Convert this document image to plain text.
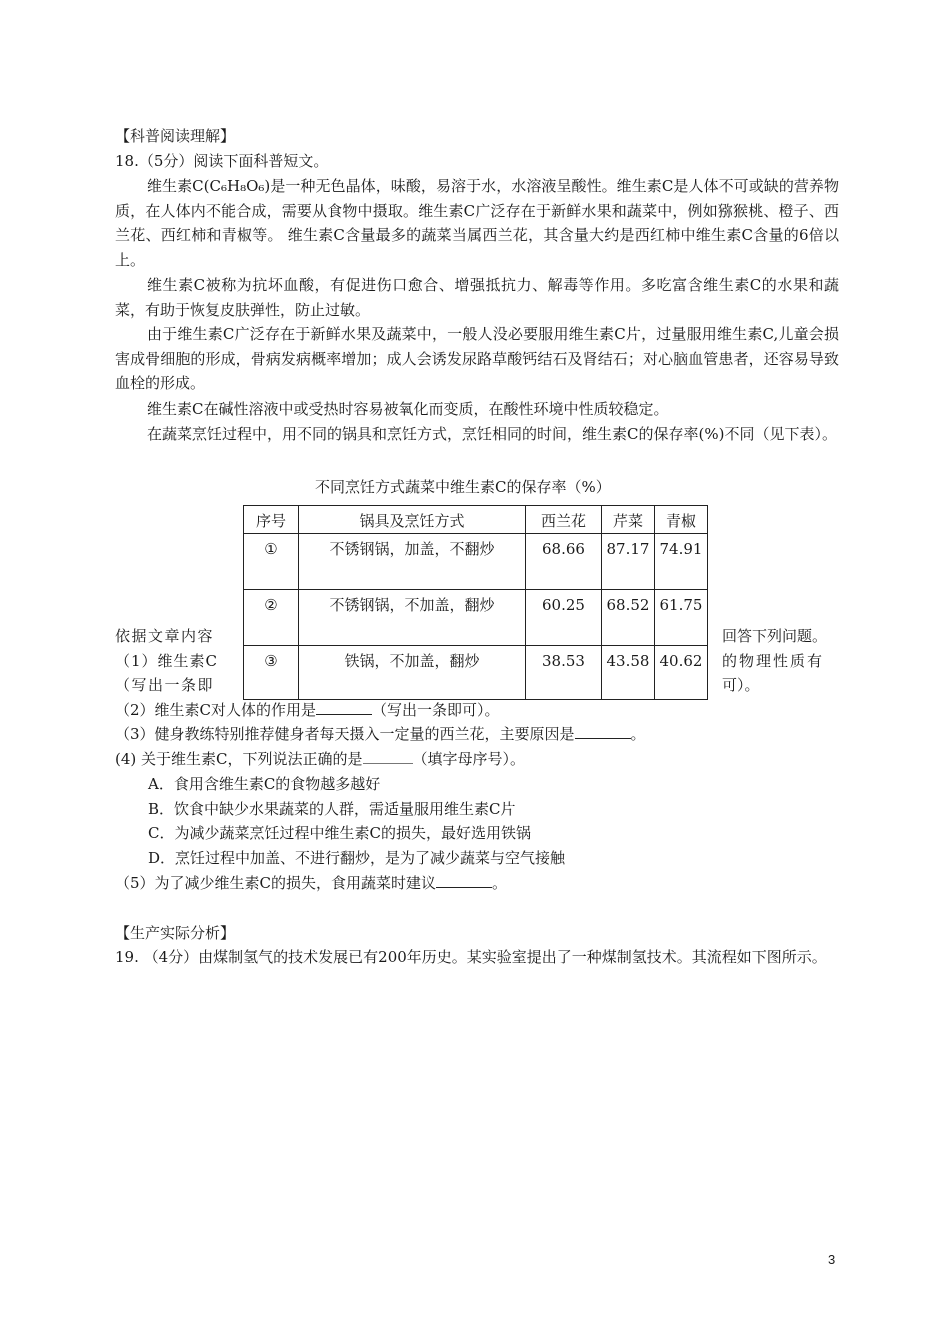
【科普阅读理解】
18.（5分）阅读下面科普短文。
维生素C(C₆H₈O₆)是一种无色晶体，味酸，易溶于水，水溶液呈酸性。维生素C是人体不可或缺的营养物质，在人体内不能合成，需要从食物中摄取。维生素C广泛存在于新鲜水果和蔬菜中，例如猕猴桃、橙子、西兰花、西红柿和青椒等。 维生素C含量最多的蔬菜当属西兰花，其含量大约是西红柿中维生素C含量的6倍以上。
维生素C被称为抗坏血酸，有促进伤口愈合、增强抵抗力、解毒等作用。多吃富含维生素C的水果和蔬菜，有助于恢复皮肤弹性，防止过敏。
由于维生素C广泛存在于新鲜水果及蔬菜中，一般人没必要服用维生素C片，过量服用维生素C,儿童会损害成骨细胞的形成，骨病发病概率增加；成人会诱发尿路草酸钙结石及肾结石；对心脑血管患者，还容易导致血栓的形成。
维生素C在碱性溶液中或受热时容易被氧化而变质，在酸性环境中性质较稳定。
在蔬菜烹饪过程中，用不同的锅具和烹饪方式，烹饪相同的时间，维生素C的保存率(%)不同（见下表）。
不同烹饪方式蔬菜中维生素C的保存率（%）
序号	锅具及烹饪方式	西兰花	芹菜	青椒
①	不锈钢锅，加盖，不翻炒	68.66	87.17	74.91
②	不锈钢锅，不加盖，翻炒	60.25	68.52	61.75
③	铁锅，不加盖，翻炒	38.53	43.58	40.62
依据文章内容	回答下列问题。
（1）维生素C	的物理性质有
（写出一条即	可）。
（2）维生素C对人体的作用是	（写出一条即可）。
（3）健身教练特别推荐健身者每天摄入一定量的西兰花，主要原因是	。
(4) 关于维生素C，下列说法正确的是	（填字母序号）。
A．食用含维生素C的食物越多越好
B．饮食中缺少水果蔬菜的人群，需适量服用维生素C片
C．为减少蔬菜烹饪过程中维生素C的损失，最好选用铁锅
D．烹饪过程中加盖、不进行翻炒，是为了减少蔬菜与空气接触
（5）为了减少维生素C的损失，食用蔬菜时建议	。
【生产实际分析】
19. （4分）由煤制氢气的技术发展已有200年历史。某实验室提出了一种煤制氢技术。其流程如下图所示。
3
